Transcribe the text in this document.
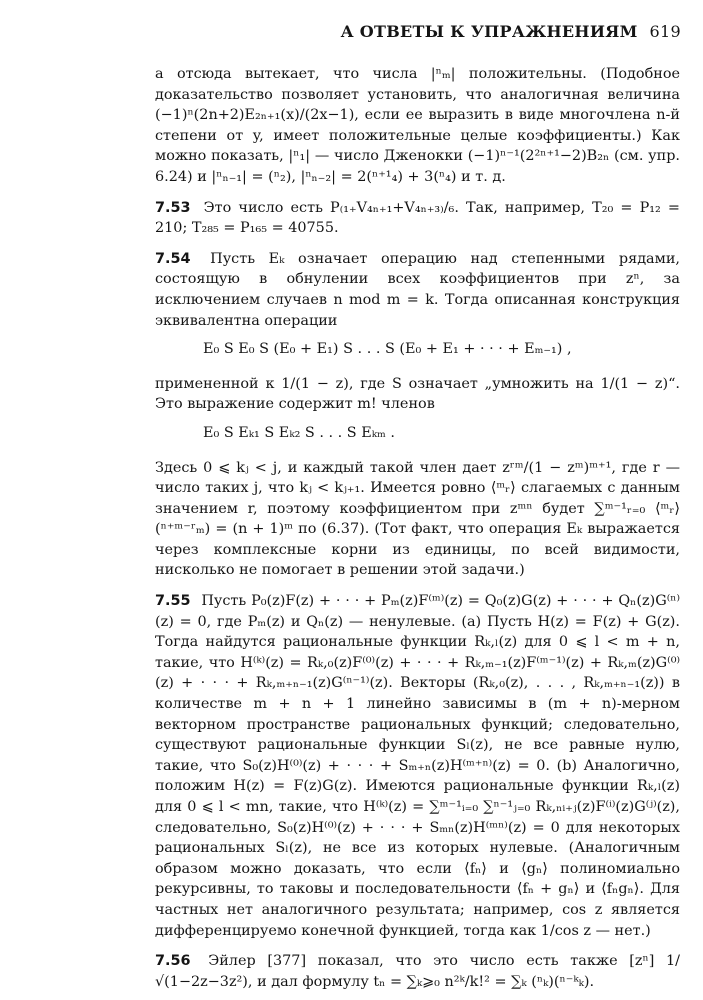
А ОТВЕТЫ К УПРАЖНЕНИЯМ 619

а отсюда вытекает, что числа |ⁿₘ| положительны. (Подобное доказательство позволяет установить, что аналогичная величина (−1)ⁿ(2n+2)E₂ₙ₊₁(x)/(2x−1), если ее выразить в виде многочлена n-й степени от y, имеет положительные целые коэффициенты.) Как можно показать, |ⁿ₁| — число Дженокки (−1)ⁿ⁻¹(2²ⁿ⁺¹−2)B₂ₙ (см. упр. 6.24) и |ⁿₙ₋₁| = (ⁿ₂), |ⁿₙ₋₂| = 2(ⁿ⁺¹₄) + 3(ⁿ₄) и т. д.

7.53 Это число есть P₍₁₊V₄ₙ₊₁+V₄ₙ₊₃₎/₆. Так, например, T₂₀ = P₁₂ = 210; T₂₈₅ = P₁₆₅ = 40755.

7.54 Пусть Eₖ означает операцию над степенными рядами, состоящую в обнулении всех коэффициентов при zⁿ, за исключением случаев n mod m = k. Тогда описанная конструкция эквивалентна операции

E₀ S E₀ S (E₀ + E₁) S . . . S (E₀ + E₁ + · · · + Eₘ₋₁) ,

примененной к 1/(1 − z), где S означает „умножить на 1/(1 − z)“. Это выражение содержит m! членов

E₀ S Eₖ₁ S Eₖ₂ S . . . S Eₖₘ .

Здесь 0 ⩽ kⱼ < j, и каждый такой член дает zʳᵐ/(1 − zᵐ)ᵐ⁺¹, где r — число таких j, что kⱼ < kⱼ₊₁. Имеется ровно ⟨ᵐᵣ⟩ слагаемых с данным значением r, поэтому коэффициентом при zᵐⁿ будет ∑ᵐ⁻¹ᵣ₌₀ ⟨ᵐᵣ⟩(ⁿ⁺ᵐ⁻ʳₘ) = (n + 1)ᵐ по (6.37). (Тот факт, что операция Eₖ выражается через комплексные корни из единицы, по всей видимости, нисколько не помогает в решении этой задачи.)

7.55 Пусть P₀(z)F(z) + · · · + Pₘ(z)F⁽ᵐ⁾(z) = Q₀(z)G(z) + · · · + Qₙ(z)G⁽ⁿ⁾(z) = 0, где Pₘ(z) и Qₙ(z) — ненулевые. (a) Пусть H(z) = F(z) + G(z). Тогда найдутся рациональные функции Rₖ,ₗ(z) для 0 ⩽ l < m + n, такие, что H⁽ᵏ⁾(z) = Rₖ,₀(z)F⁽⁰⁾(z) + · · · + Rₖ,ₘ₋₁(z)F⁽ᵐ⁻¹⁾(z) + Rₖ,ₘ(z)G⁽⁰⁾(z) + · · · + Rₖ,ₘ₊ₙ₋₁(z)G⁽ⁿ⁻¹⁾(z). Векторы (Rₖ,₀(z), . . . , Rₖ,ₘ₊ₙ₋₁(z)) в количестве m + n + 1 линейно зависимы в (m + n)-мерном векторном пространстве рациональных функций; следовательно, существуют рациональные функции Sₗ(z), не все равные нулю, такие, что S₀(z)H⁽⁰⁾(z) + · · · + Sₘ₊ₙ(z)H⁽ᵐ⁺ⁿ⁾(z) = 0. (b) Аналогично, положим H(z) = F(z)G(z). Имеются рациональные функции Rₖ,ₗ(z) для 0 ⩽ l < mn, такие, что H⁽ᵏ⁾(z) = ∑ᵐ⁻¹ᵢ₌₀ ∑ⁿ⁻¹ⱼ₌₀ Rₖ,ₙᵢ₊ⱼ(z)F⁽ⁱ⁾(z)G⁽ʲ⁾(z), следовательно, S₀(z)H⁽⁰⁾(z) + · · · + Sₘₙ(z)H⁽ᵐⁿ⁾(z) = 0 для некоторых рациональных Sₗ(z), не все из которых нулевые. (Аналогичным образом можно доказать, что если ⟨fₙ⟩ и ⟨gₙ⟩ полиномиально рекурсивны, то таковы и последовательности ⟨fₙ + gₙ⟩ и ⟨fₙgₙ⟩. Для частных нет аналогичного результата; например, cos z является дифференцируемо конечной функцией, тогда как 1/cos z — нет.)

7.56 Эйлер [377] показал, что это число есть также [zⁿ] 1/√(1−2z−3z²), и дал формулу tₙ = ∑ₖ⩾₀ n²ᵏ/k!² = ∑ₖ (ⁿₖ)(ⁿ⁻ᵏₖ).
